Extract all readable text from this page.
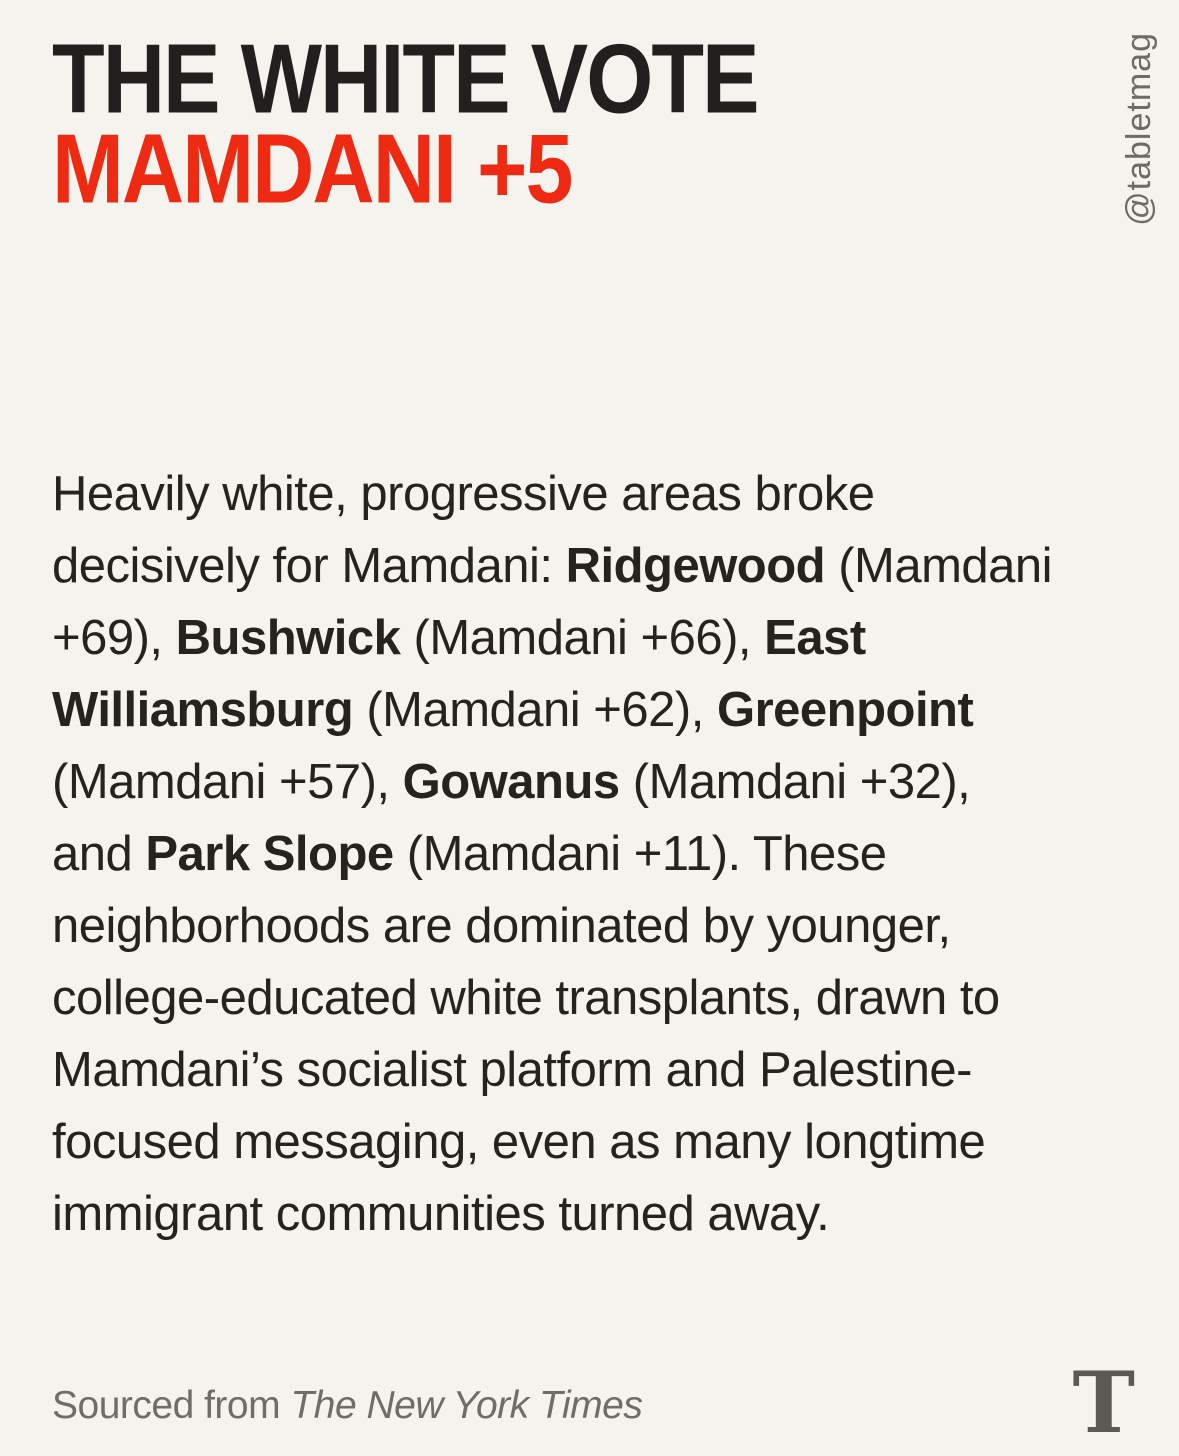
THE WHITE VOTE
MAMDANI +5	@tabletmag

Heavily white, progressive areas broke decisively for Mamdani: Ridgewood (Mamdani +69), Bushwick (Mamdani +66), East Williamsburg (Mamdani +62), Greenpoint (Mamdani +57), Gowanus (Mamdani +32), and Park Slope (Mamdani +11). These neighborhoods are dominated by younger, college-educated white transplants, drawn to Mamdani’s socialist platform and Palestine-focused messaging, even as many longtime immigrant communities turned away.

Sourced from The New York Times	T
